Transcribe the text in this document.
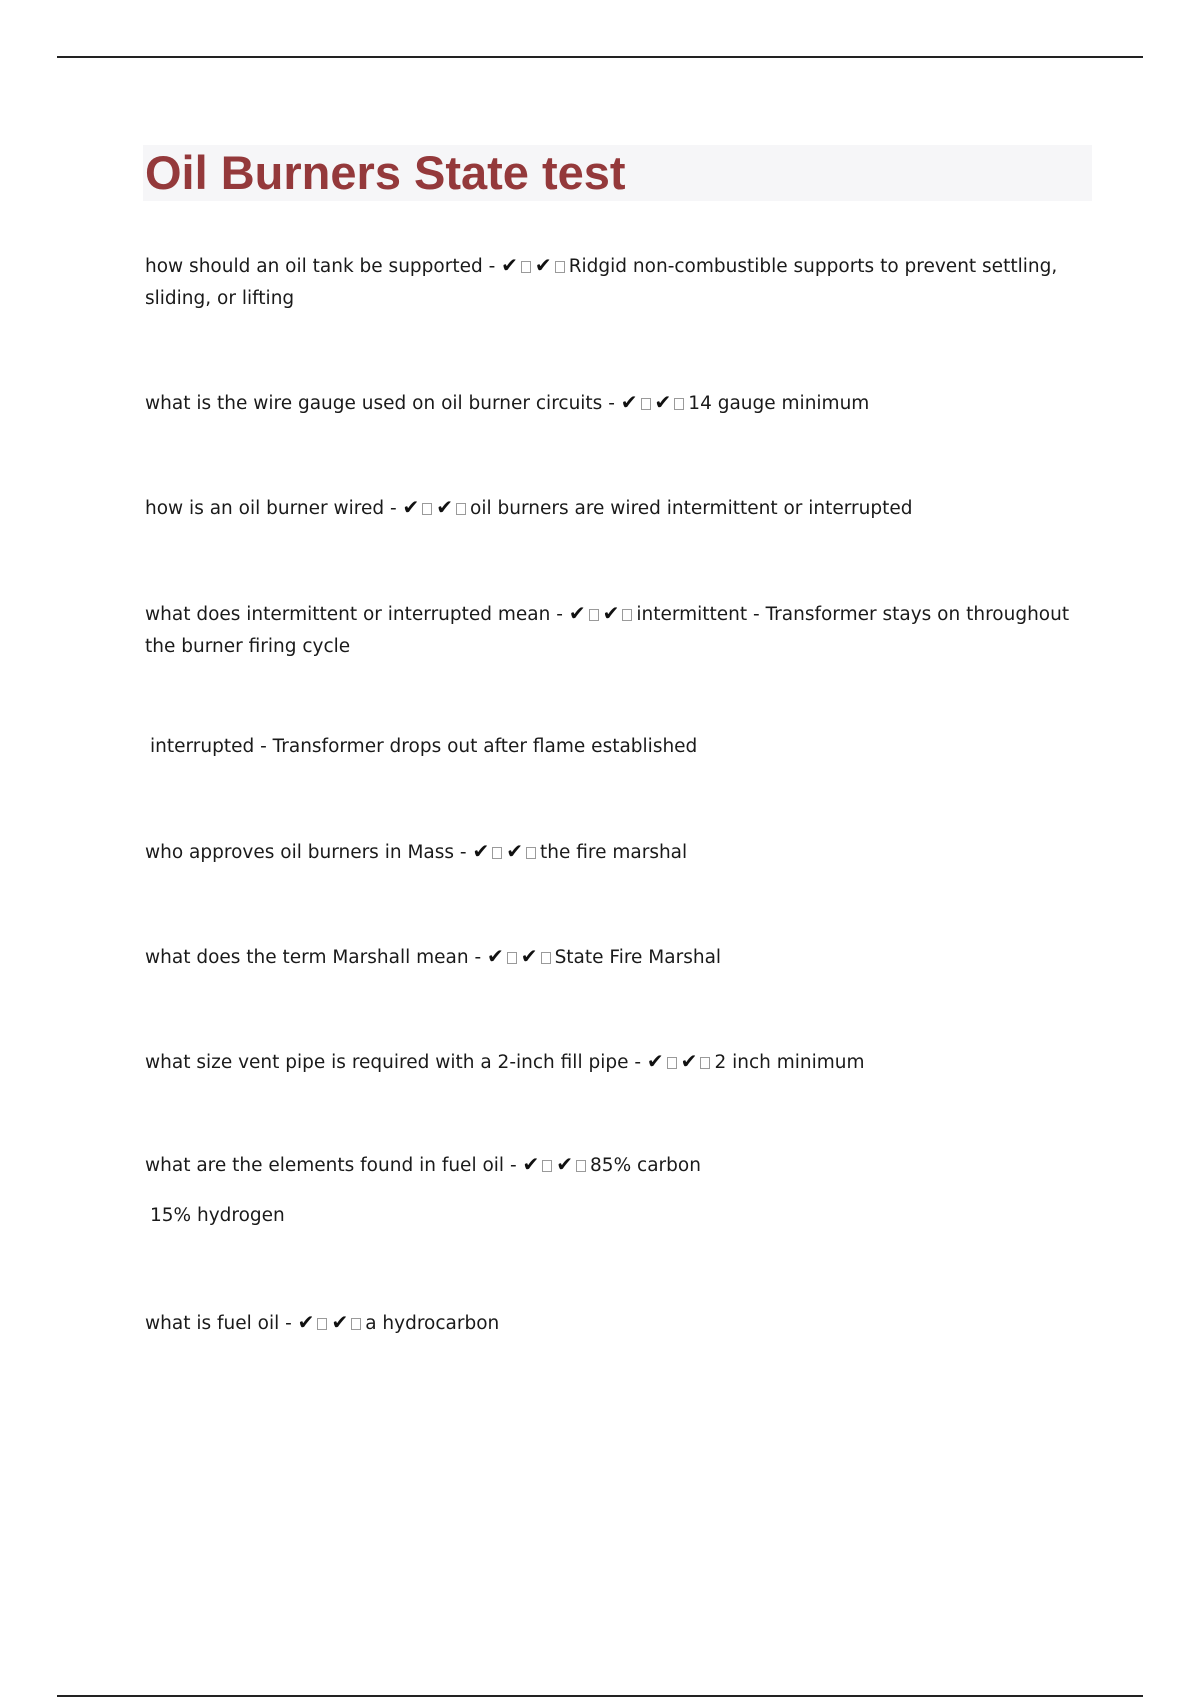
Oil Burners State test

how should an oil tank be supported - ✔ ✔ Ridgid non-combustible supports to prevent settling, sliding, or lifting

what is the wire gauge used on oil burner circuits - ✔ ✔ 14 gauge minimum

how is an oil burner wired - ✔ ✔ oil burners are wired intermittent or interrupted

what does intermittent or interrupted mean - ✔ ✔ intermittent - Transformer stays on throughout the burner firing cycle

interrupted - Transformer drops out after flame established

who approves oil burners in Mass - ✔ ✔ the fire marshal

what does the term Marshall mean - ✔ ✔ State Fire Marshal

what size vent pipe is required with a 2-inch fill pipe - ✔ ✔ 2 inch minimum

what are the elements found in fuel oil - ✔ ✔ 85% carbon

15% hydrogen

what is fuel oil - ✔ ✔ a hydrocarbon
